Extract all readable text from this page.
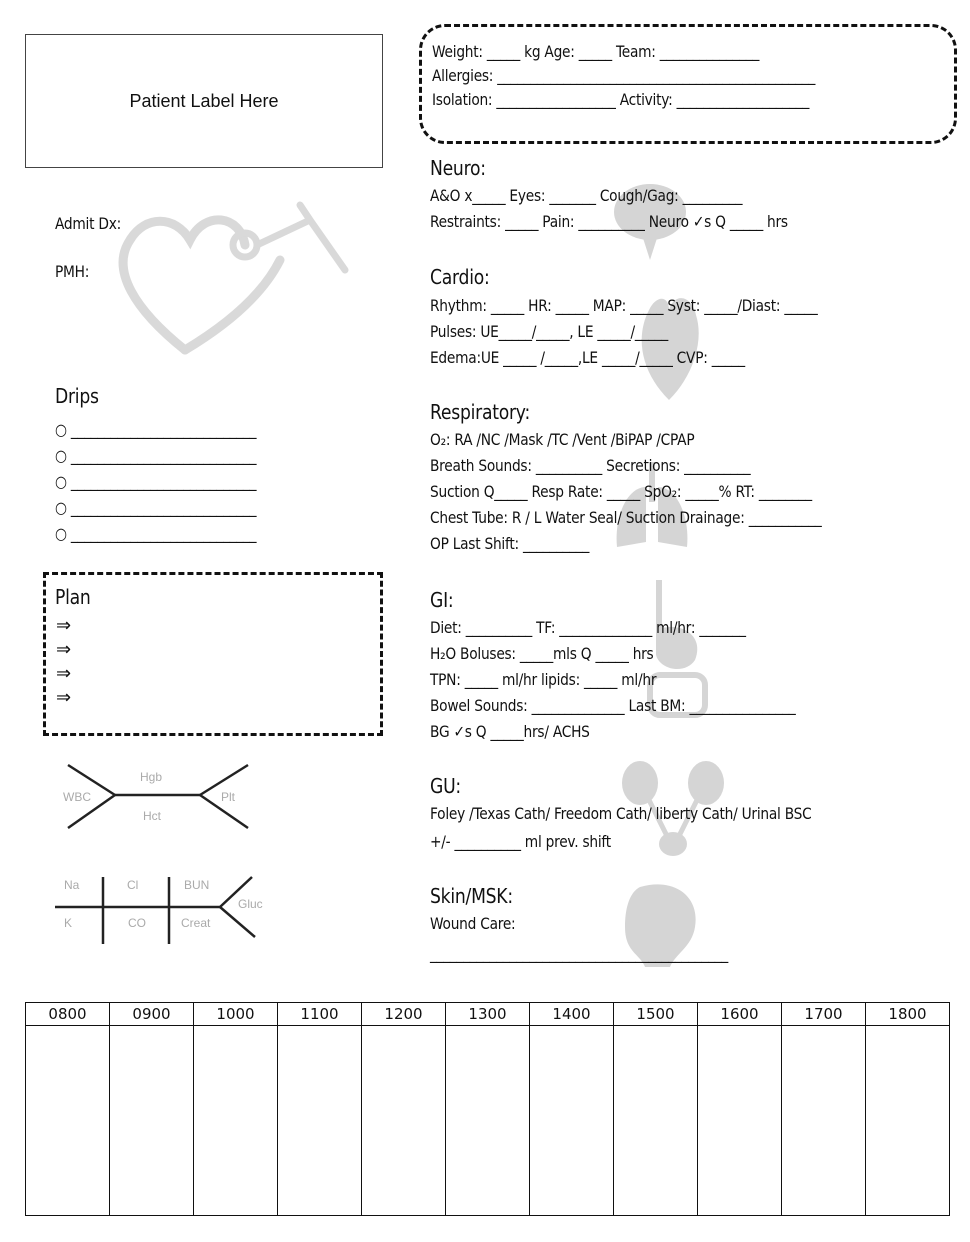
Patient Label Here
Weight: _____ kg Age: _____ Team: _______________
Allergies: ________________________________________________
Isolation: __________________ Activity: ____________________
Admit Dx:
PMH:
Drips
○ ____________________________
○ ____________________________
○ ____________________________
○ ____________________________
○ ____________________________
Plan
⇒
⇒
⇒
⇒
Hgb
WBC
Hct
Plt
Na	Cl	BUN
Gluc
K	CO	Creat
Neuro:
A&O x_____ Eyes: _______ Cough/Gag: _________
Restraints: _____ Pain: __________ Neuro ✓s Q _____ hrs
Cardio:
Rhythm: _____ HR: _____ MAP: _____ Syst: _____/Diast: _____
Pulses: UE_____/_____, LE _____/_____
Edema:UE _____ /_____,LE _____/_____ CVP: _____
Respiratory:
O₂: RA /NC /Mask /TC /Vent /BiPAP /CPAP
Breath Sounds: __________ Secretions: __________
Suction Q_____ Resp Rate: _____ SpO₂: _____% RT: ________
Chest Tube: R / L Water Seal/ Suction Drainage: ___________
OP Last Shift: __________
GI:
Diet: __________ TF: ______________ ml/hr: _______
H₂O Boluses: _____mls Q _____ hrs
TPN: _____ ml/hr lipids: _____ ml/hr
Bowel Sounds: ______________ Last BM: ________________
BG ✓s Q _____hrs/ ACHS
GU:
Foley /Texas Cath/ Freedom Cath/ liberty Cath/ Urinal BSC
+/- __________ ml prev. shift
Skin/MSK:
Wound Care:
_____________________________________________
0800	0900	1000	1100	1200	1300	1400	1500	1600	1700	1800
